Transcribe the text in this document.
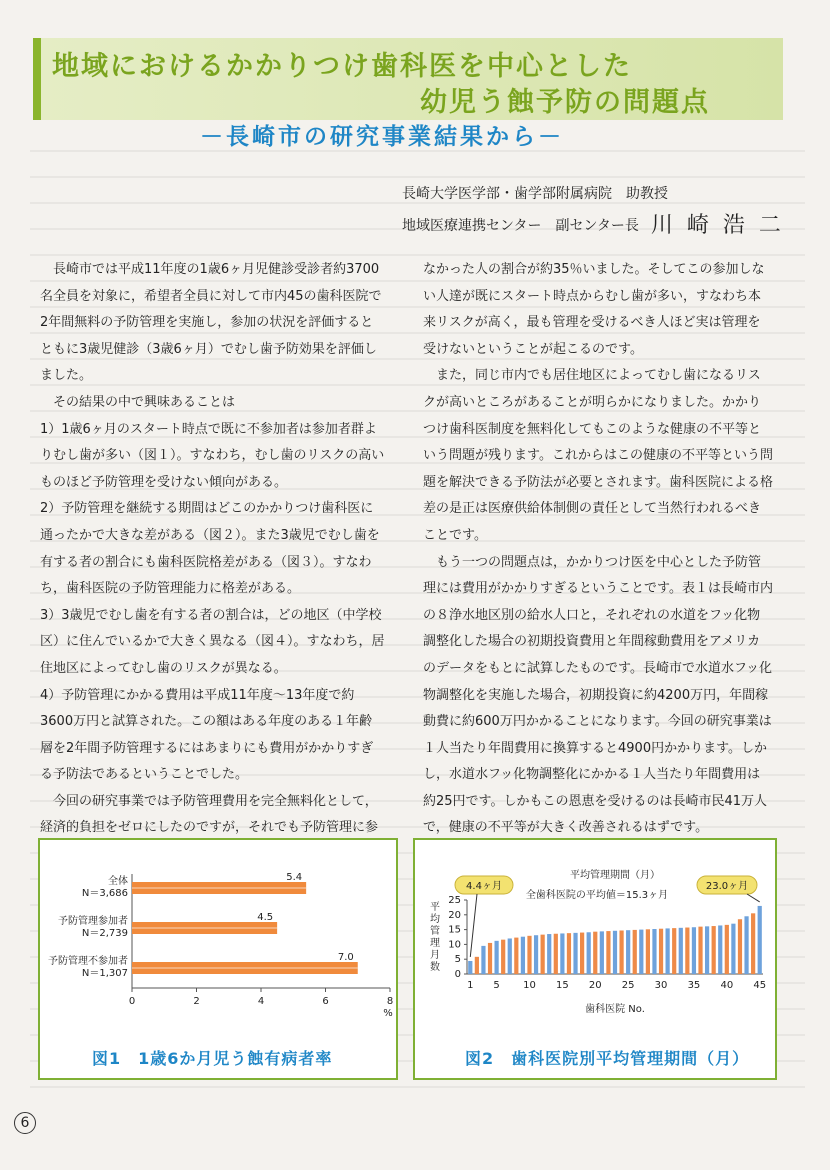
地域におけるかかりつけ歯科医を中心とした
幼児う蝕予防の問題点
－長崎市の研究事業結果から－
長崎大学医学部・歯学部附属病院　助教授
地域医療連携センター　副センター長 川崎浩二

長崎市では平成11年度の1歳6ヶ月児健診受診者約3700名全員を対象に，希望者全員に対して市内45の歯科医院で2年間無料の予防管理を実施し，参加の状況を評価するとともに3歳児健診（3歳6ヶ月）でむし歯予防効果を評価しました。

その結果の中で興味あることは

1）1歳6ヶ月のスタート時点で既に不参加者は参加者群よりむし歯が多い（図１）。すなわち，むし歯のリスクの高いものほど予防管理を受けない傾向がある。

2）予防管理を継続する期間はどこのかかりつけ歯科医に通ったかで大きな差がある（図２）。また3歳児でむし歯を有する者の割合にも歯科医院格差がある（図３）。すなわち，歯科医院の予防管理能力に格差がある。

3）3歳児でむし歯を有する者の割合は，どの地区（中学校区）に住んでいるかで大きく異なる（図４）。すなわち，居住地区によってむし歯のリスクが異なる。

4）予防管理にかかる費用は平成11年度～13年度で約3600万円と試算された。この額はある年度のある１年齢層を2年間予防管理するにはあまりにも費用がかかりすぎる予防法であるということでした。

今回の研究事業では予防管理費用を完全無料化として，経済的負担をゼロにしたのですが，それでも予防管理に参

なかった人の割合が約35％いました。そしてこの参加しない人達が既にスタート時点からむし歯が多い，すなわち本来リスクが高く，最も管理を受けるべき人ほど実は管理を受けないということが起こるのです。

また，同じ市内でも居住地区によってむし歯になるリスクが高いところがあることが明らかになりました。かかりつけ歯科医制度を無料化してもこのような健康の不平等という問題が残ります。これからはこの健康の不平等という問題を解決できる予防法が必要とされます。歯科医院による格差の是正は医療供給体制側の責任として当然行われるべきことです。

もう一つの問題点は，かかりつけ医を中心とした予防管理には費用がかかりすぎるということです。表１は長崎市内の８浄水地区別の給水人口と，それぞれの水道をフッ化物調整化した場合の初期投資費用と年間稼動費用をアメリカのデータをもとに試算したものです。長崎市で水道水フッ化物調整化を実施した場合，初期投資に約4200万円，年間稼動費に約600万円かかることになります。今回の研究事業は１人当たり年間費用に換算すると4900円かかります。しかし，水道水フッ化物調整化にかかる１人当たり年間費用は約25円です。しかもこの恩恵を受けるのは長崎市民41万人で，健康の不平等が大きく改善されるはずです。

5.4
全体
N＝3,686
4.5
予防管理参加者
N＝2,739
7.0
予防管理不参加者
N＝1,307
0	2	4	6	8
%
図1　1歳6か月児う蝕有病者率
平均管理期間（月）
全歯科医院の平均値＝15.3ヶ月
平
均
管
理
月
数
0
5
10
15
20
25
1 5 10 15 20 25 30 35 40 45
歯科医院 No.
4.4ヶ月	23.0ヶ月
図2　歯科医院別平均管理期間（月）
6
